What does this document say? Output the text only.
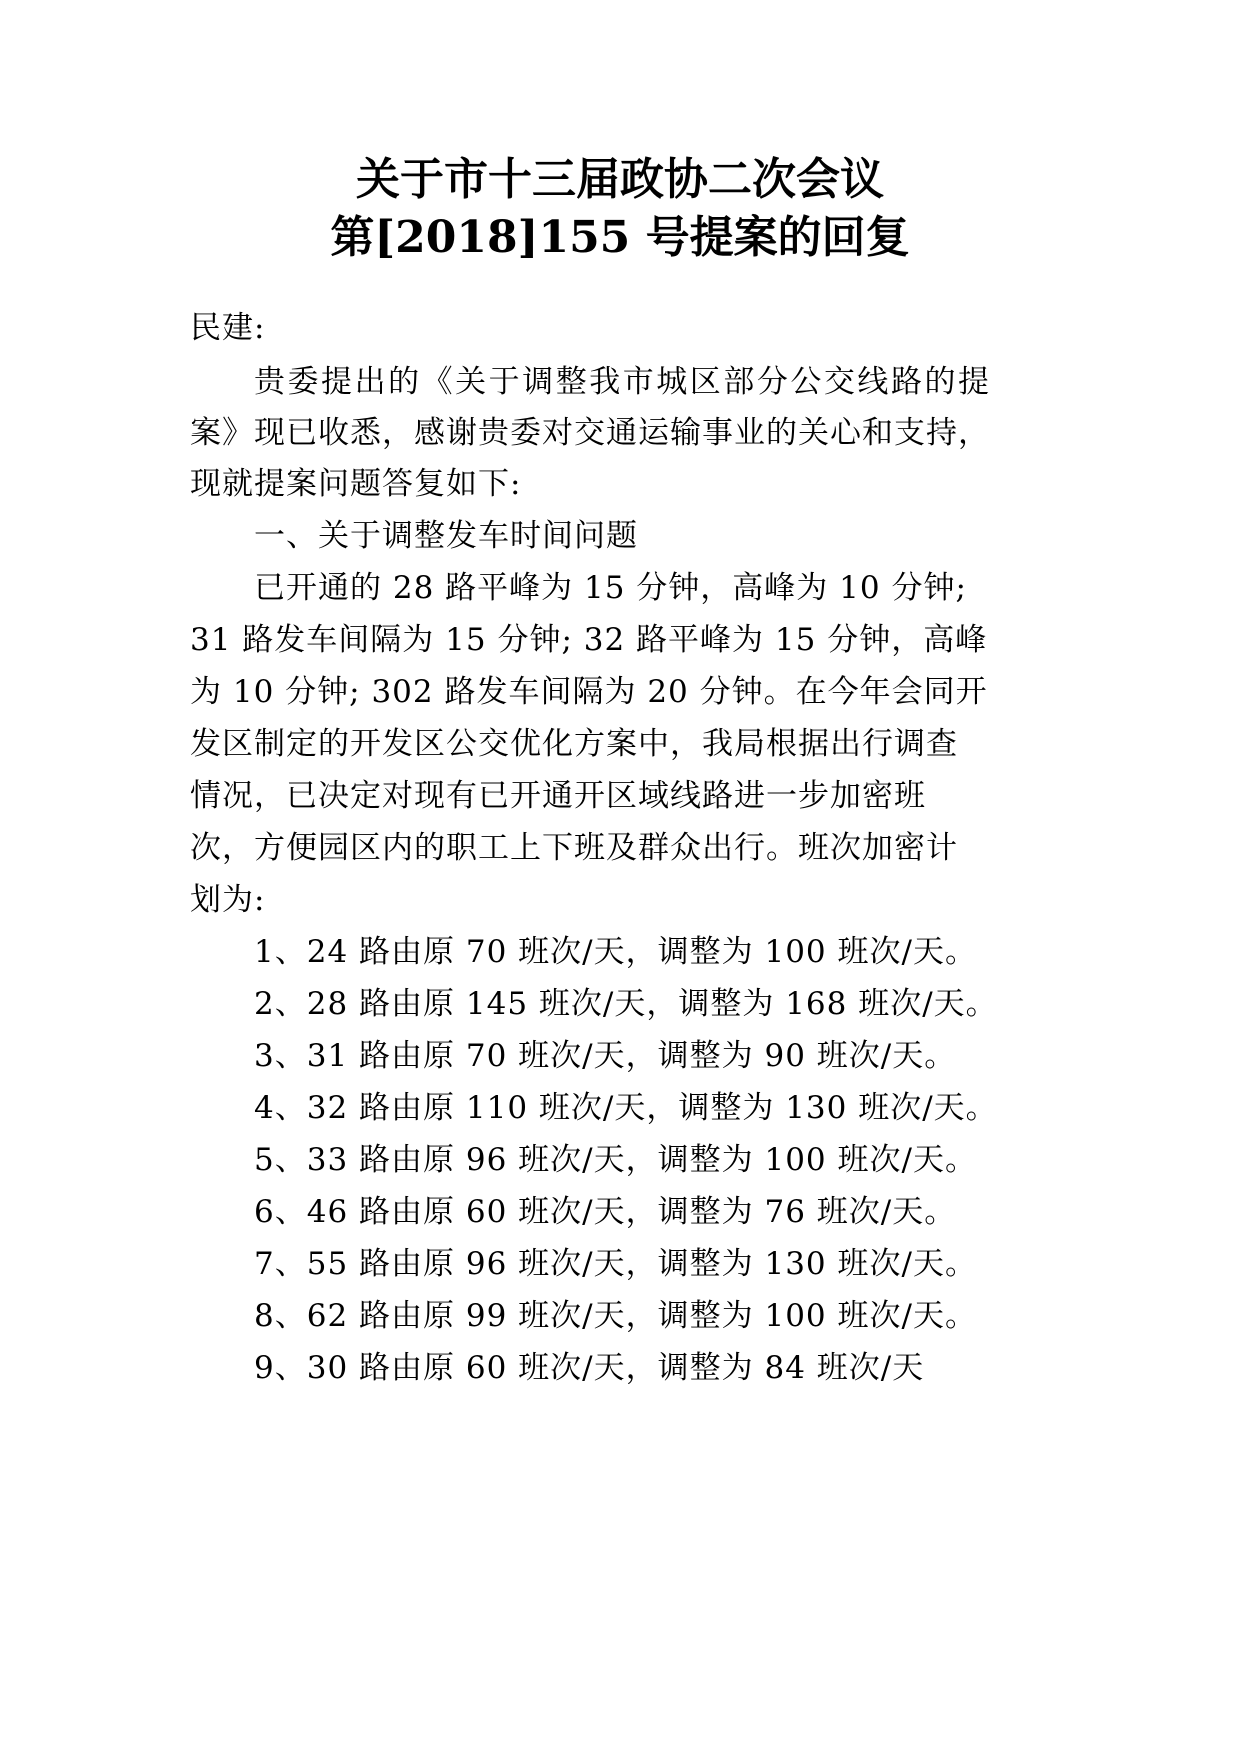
关于市十三届政协二次会议
第[2018]155 号提案的回复
民建:
贵委提出的《关于调整我市城区部分公交线路的提
案》现已收悉，感谢贵委对交通运输事业的关心和支持，
现就提案问题答复如下:
一、关于调整发车时间问题
已开通的 28 路平峰为 15 分钟，高峰为 10 分钟;
31 路发车间隔为 15 分钟; 32 路平峰为 15 分钟，高峰
为 10 分钟; 302 路发车间隔为 20 分钟。在今年会同开
发区制定的开发区公交优化方案中，我局根据出行调查
情况，已决定对现有已开通开区域线路进一步加密班
次，方便园区内的职工上下班及群众出行。班次加密计
划为:
1、24 路由原 70 班次/天，调整为 100 班次/天。
2、28 路由原 145 班次/天，调整为 168 班次/天。
3、31 路由原 70 班次/天，调整为 90 班次/天。
4、32 路由原 110 班次/天，调整为 130 班次/天。
5、33 路由原 96 班次/天，调整为 100 班次/天。
6、46 路由原 60 班次/天，调整为 76 班次/天。
7、55 路由原 96 班次/天，调整为 130 班次/天。
8、62 路由原 99 班次/天，调整为 100 班次/天。
9、30 路由原 60 班次/天，调整为 84 班次/天
